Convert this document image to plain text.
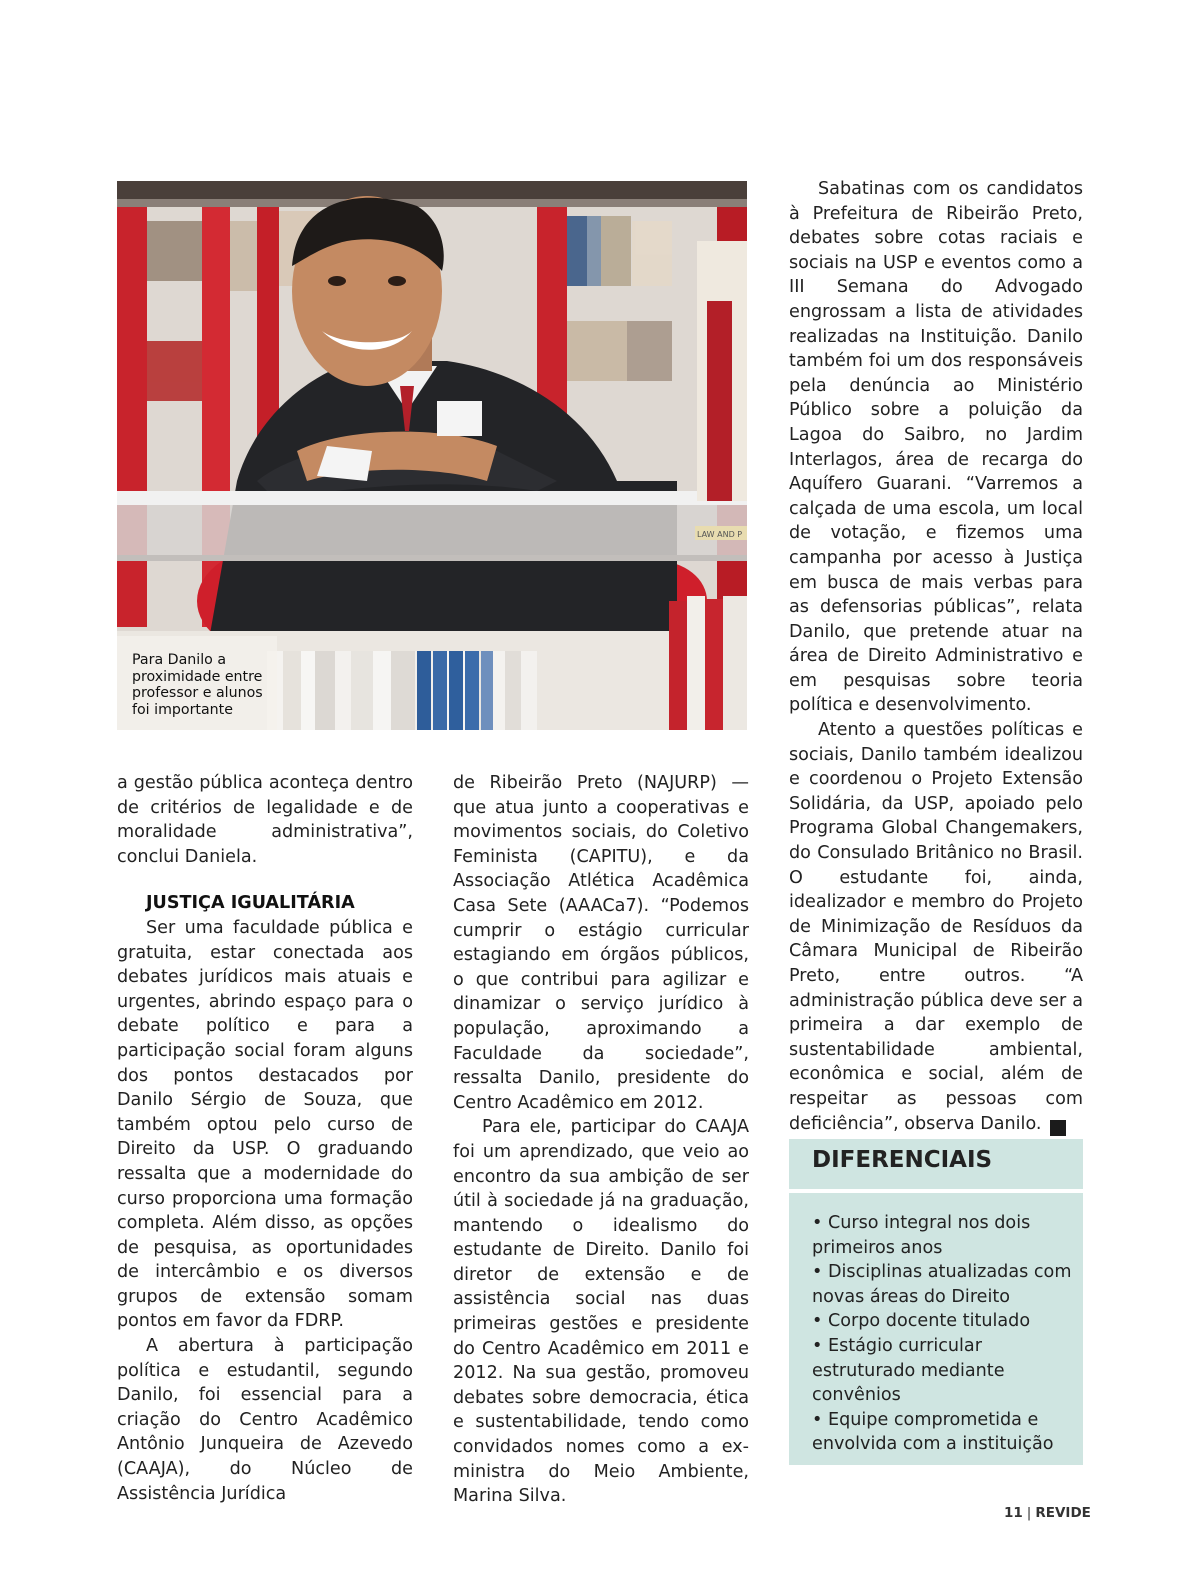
LAW AND P
Para Danilo a
proximidade entre
professor e alunos
foi importante

a gestão pública aconteça dentro de critérios de legalidade e de moralidade administrativa”, conclui Daniela.

JUSTIÇA IGUALITÁRIA

Ser uma faculdade pública e gratuita, estar conectada aos debates jurídicos mais atuais e urgentes, abrindo espaço para o debate político e para a participação social foram alguns dos pontos destacados por Danilo Sérgio de Souza, que também optou pelo curso de Direito da USP. O graduando ressalta que a modernidade do curso proporciona uma formação completa. Além disso, as opções de pesquisa, as oportunidades de intercâmbio e os diversos grupos de extensão somam pontos em favor da FDRP.

A abertura à participação política e estudantil, segundo Danilo, foi essencial para a criação do Centro Acadêmico Antônio Junqueira de Azevedo (CAAJA), do Núcleo de Assistência Jurídica

de Ribeirão Preto (NAJURP) — que atua junto a cooperativas e movimentos sociais, do Coletivo Feminista (CAPITU), e da Associação Atlética Acadêmica Casa Sete (AAACa7). “Podemos cumprir o estágio curricular estagiando em órgãos públicos, o que contribui para agilizar e dinamizar o serviço jurídico à população, aproximando a Faculdade da sociedade”, ressalta Danilo, presidente do Centro Acadêmico em 2012.

Para ele, participar do CAAJA foi um aprendizado, que veio ao encontro da sua ambição de ser útil à sociedade já na graduação, mantendo o idealismo do estudante de Direito. Danilo foi diretor de extensão e de assistência social nas duas primeiras gestões e presidente do Centro Acadêmico em 2011 e 2012. Na sua gestão, promoveu debates sobre democracia, ética e sustentabilidade, tendo como convidados nomes como a ex-ministra do Meio Ambiente, Marina Silva.

Sabatinas com os candidatos à Prefeitura de Ribeirão Preto, debates sobre cotas raciais e sociais na USP e eventos como a III Semana do Advogado engrossam a lista de atividades realizadas na Instituição. Danilo também foi um dos responsáveis pela denúncia ao Ministério Público sobre a poluição da Lagoa do Saibro, no Jardim Interlagos, área de recarga do Aquífero Guarani. “Varremos a calçada de uma escola, um local de votação, e fizemos uma campanha por acesso à Justiça em busca de mais verbas para as defensorias públicas”, relata Danilo, que pretende atuar na área de Direito Administrativo e em pesquisas sobre teoria política e desenvolvimento.

Atento a questões políticas e sociais, Danilo também idealizou e coordenou o Projeto Extensão Solidária, da USP, apoiado pelo Programa Global Changemakers, do Consulado Britânico no Brasil. O estudante foi, ainda, idealizador e membro do Projeto de Minimização de Resíduos da Câmara Municipal de Ribeirão Preto, entre outros. “A administração pública deve ser a primeira a dar exemplo de sustentabilidade ambiental, econômica e social, além de respeitar as pessoas com deficiência”, observa Danilo.	r

DIFERENCIAIS
• Curso integral nos dois primeiros anos
• Disciplinas atualizadas com novas áreas do Direito
• Corpo docente titulado
• Estágio curricular estruturado mediante convênios
• Equipe comprometida e envolvida com a instituição
11 | REVIDE
